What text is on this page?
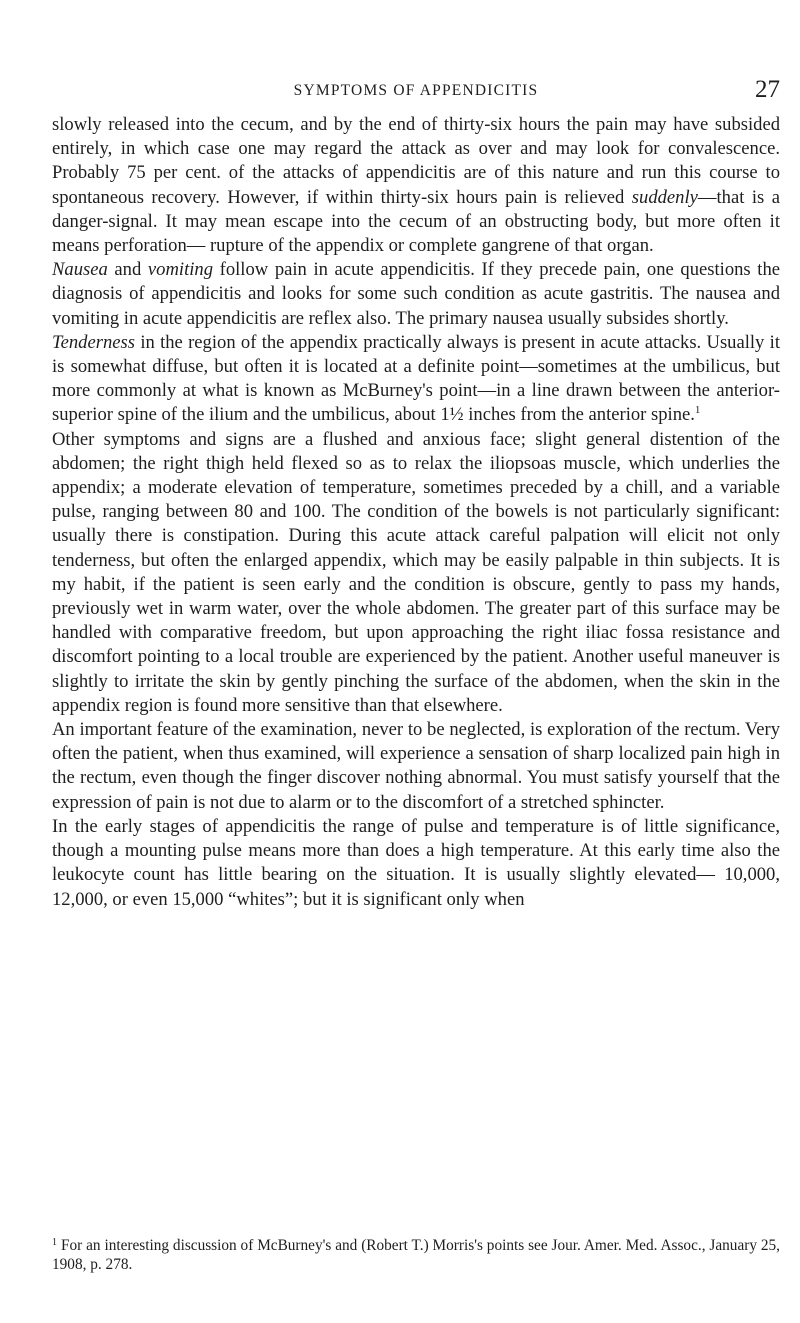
SYMPTOMS OF APPENDICITIS	27

slowly released into the cecum, and by the end of thirty-six hours the pain may have subsided entirely, in which case one may regard the attack as over and may look for convalescence. Probably 75 per cent. of the attacks of appendicitis are of this nature and run this course to spontaneous recovery. However, if within thirty-six hours pain is relieved suddenly—that is a danger-signal. It may mean escape into the cecum of an obstructing body, but more often it means perforation— rupture of the appendix or complete gangrene of that organ.

Nausea and vomiting follow pain in acute appendicitis. If they precede pain, one questions the diagnosis of appendicitis and looks for some such condition as acute gastritis. The nausea and vomiting in acute appendicitis are reflex also. The primary nausea usually subsides shortly.

Tenderness in the region of the appendix practically always is present in acute attacks. Usually it is somewhat diffuse, but often it is located at a definite point—sometimes at the umbilicus, but more commonly at what is known as McBurney's point—in a line drawn between the anterior-superior spine of the ilium and the umbilicus, about 1½ inches from the anterior spine.$^1$

Other symptoms and signs are a flushed and anxious face; slight general distention of the abdomen; the right thigh held flexed so as to relax the iliopsoas muscle, which underlies the appendix; a moderate elevation of temperature, sometimes preceded by a chill, and a variable pulse, ranging between 80 and 100. The condition of the bowels is not particularly significant: usually there is constipation. During this acute attack careful palpation will elicit not only tenderness, but often the enlarged appendix, which may be easily palpable in thin subjects. It is my habit, if the patient is seen early and the condition is obscure, gently to pass my hands, previously wet in warm water, over the whole abdomen. The greater part of this surface may be handled with comparative freedom, but upon approaching the right iliac fossa resistance and discomfort pointing to a local trouble are experienced by the patient. Another useful maneuver is slightly to irritate the skin by gently pinching the surface of the abdomen, when the skin in the appendix region is found more sensitive than that elsewhere.

An important feature of the examination, never to be neglected, is exploration of the rectum. Very often the patient, when thus examined, will experience a sensation of sharp localized pain high in the rectum, even though the finger discover nothing abnormal. You must satisfy yourself that the expression of pain is not due to alarm or to the discomfort of a stretched sphincter.

In the early stages of appendicitis the range of pulse and temperature is of little significance, though a mounting pulse means more than does a high temperature. At this early time also the leukocyte count has little bearing on the situation. It is usually slightly elevated— 10,000, 12,000, or even 15,000 “whites”; but it is significant only when

$^1$ For an interesting discussion of McBurney's and (Robert T.) Morris's points see Jour. Amer. Med. Assoc., January 25, 1908, p. 278.
